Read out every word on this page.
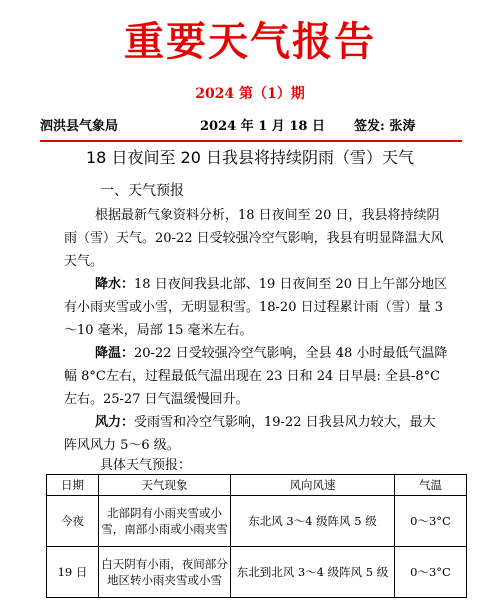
重要天气报告
2024 第（1）期
泗洪县气象局	2024 年 1 月 18 日 签发: 张涛
18 日夜间至 20 日我县将持续阴雨（雪）天气
一、天气预报
根据最新气象资料分析，18 日夜间至 20 日，我县将持续阴雨（雪）天气。20-22 日受较强冷空气影响，我县有明显降温大风天气。
降水：18 日夜间我县北部、19 日夜间至 20 日上午部分地区有小雨夹雪或小雪，无明显积雪。18-20 日过程累计雨（雪）量 3～10 毫米，局部 15 毫米左右。
降温：20-22 日受较强冷空气影响，全县 48 小时最低气温降幅 8°C左右，过程最低气温出现在 23 日和 24 日早晨: 全县-8°C左右。25-27 日气温缓慢回升。
风力：受雨雪和冷空气影响，19-22 日我县风力较大，最大阵风风力 5～6 级。
具体天气预报：
日期	天气现象	风向风速	气温
今夜	北部阴有小雨夹雪或小雪，南部小雨或小雨夹雪	东北风 3～4 级阵风 5 级	0～3°C
19 日	白天阴有小雨，夜间部分地区转小雨夹雪或小雪	东北到北风 3～4 级阵风 5 级	0～3°C
